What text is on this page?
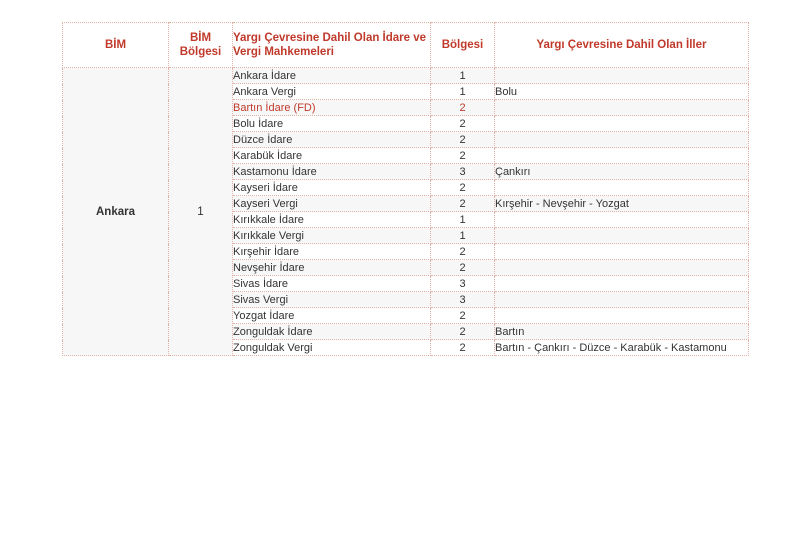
BİM	BİM Bölgesi	Yargı Çevresine Dahil Olan İdare ve Vergi Mahkemeleri	Bölgesi	Yargı Çevresine Dahil Olan İller
Ankara	1	Ankara İdare	1	
		Ankara Vergi	1	Bolu
		Bartın İdare (FD)	2	
		Bolu İdare	2	
		Düzce İdare	2	
		Karabük İdare	2	
		Kastamonu İdare	3	Çankırı
		Kayseri İdare	2	
		Kayseri Vergi	2	Kırşehir - Nevşehir - Yozgat
		Kırıkkale İdare	1	
		Kırıkkale Vergi	1	
		Kırşehir İdare	2	
		Nevşehir İdare	2	
		Sivas İdare	3	
		Sivas Vergi	3	
		Yozgat İdare	2	
		Zonguldak İdare	2	Bartın
		Zonguldak Vergi	2	Bartın - Çankırı - Düzce - Karabük - Kastamonu
